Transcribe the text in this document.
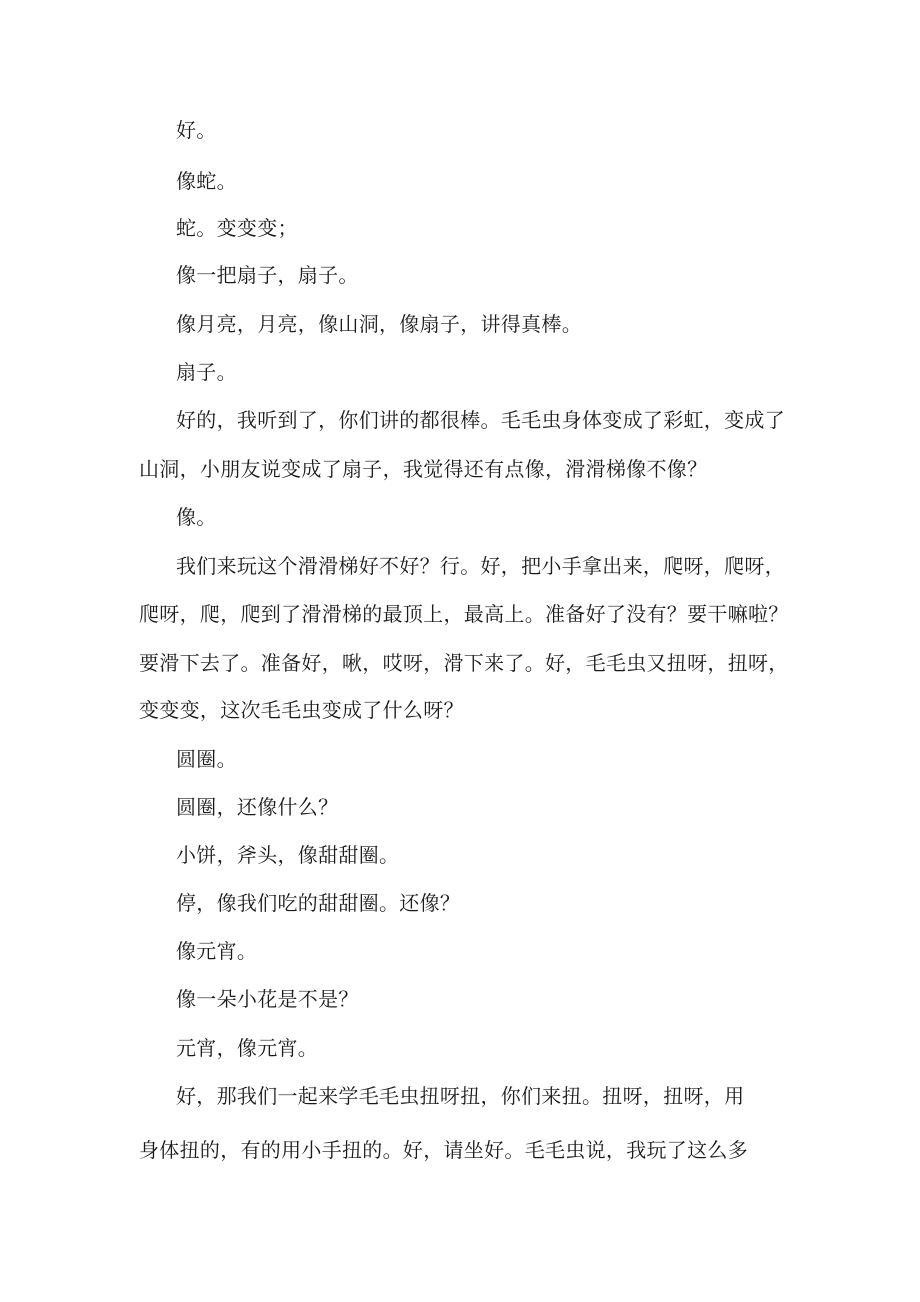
好。
像蛇。
蛇。变变变；
像一把扇子，扇子。
像月亮，月亮，像山洞，像扇子，讲得真棒。
扇子。
好的，我听到了，你们讲的都很棒。毛毛虫身体变成了彩虹，变成了
山洞，小朋友说变成了扇子，我觉得还有点像，滑滑梯像不像？
像。
我们来玩这个滑滑梯好不好？行。好，把小手拿出来，爬呀，爬呀，
爬呀，爬，爬到了滑滑梯的最顶上，最高上。准备好了没有？要干嘛啦？
要滑下去了。准备好，啾，哎呀，滑下来了。好，毛毛虫又扭呀，扭呀，
变变变，这次毛毛虫变成了什么呀？
圆圈。
圆圈，还像什么？
小饼，斧头，像甜甜圈。
停，像我们吃的甜甜圈。还像？
像元宵。
像一朵小花是不是？
元宵，像元宵。
好，那我们一起来学毛毛虫扭呀扭，你们来扭。扭呀，扭呀，用
身体扭的，有的用小手扭的。好，请坐好。毛毛虫说，我玩了这么多
